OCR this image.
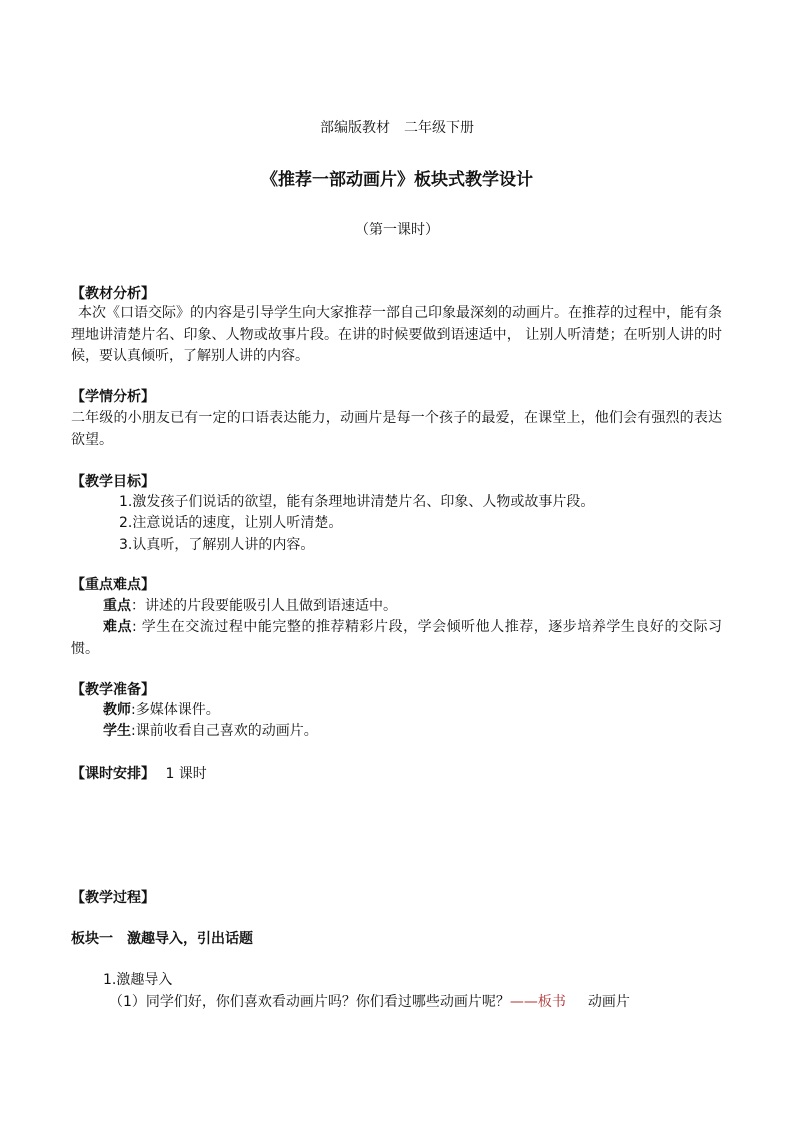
部编版教材　二年级下册
《推荐一部动画片》板块式教学设计
（第一课时）
【教材分析】
本次《口语交际》的内容是引导学生向大家推荐一部自己印象最深刻的动画片。在推荐的过程中，能有条理地讲清楚片名、印象、人物或故事片段。在讲的时候要做到语速适中， 让别人听清楚；在听别人讲的时候，要认真倾听，了解别人讲的内容。
【学情分析】
二年级的小朋友已有一定的口语表达能力，动画片是每一个孩子的最爱，在课堂上，他们会有强烈的表达欲望。
【教学目标】
1.激发孩子们说话的欲望，能有条理地讲清楚片名、印象、人物或故事片段。
2.注意说话的速度，让别人听清楚。
3.认真听，了解别人讲的内容。
【重点难点】
重点：讲述的片段要能吸引人且做到语速适中。
难点: 学生在交流过程中能完整的推荐精彩片段，学会倾听他人推荐，逐步培养学生良好的交际习惯。
【教学准备】
教师:多媒体课件。
学生:课前收看自己喜欢的动画片。
【课时安排】 1 课时
【教学过程】
板块一　激趣导入，引出话题
1.激趣导入
（1）同学们好，你们喜欢看动画片吗？你们看过哪些动画片呢？——板书 动画片
